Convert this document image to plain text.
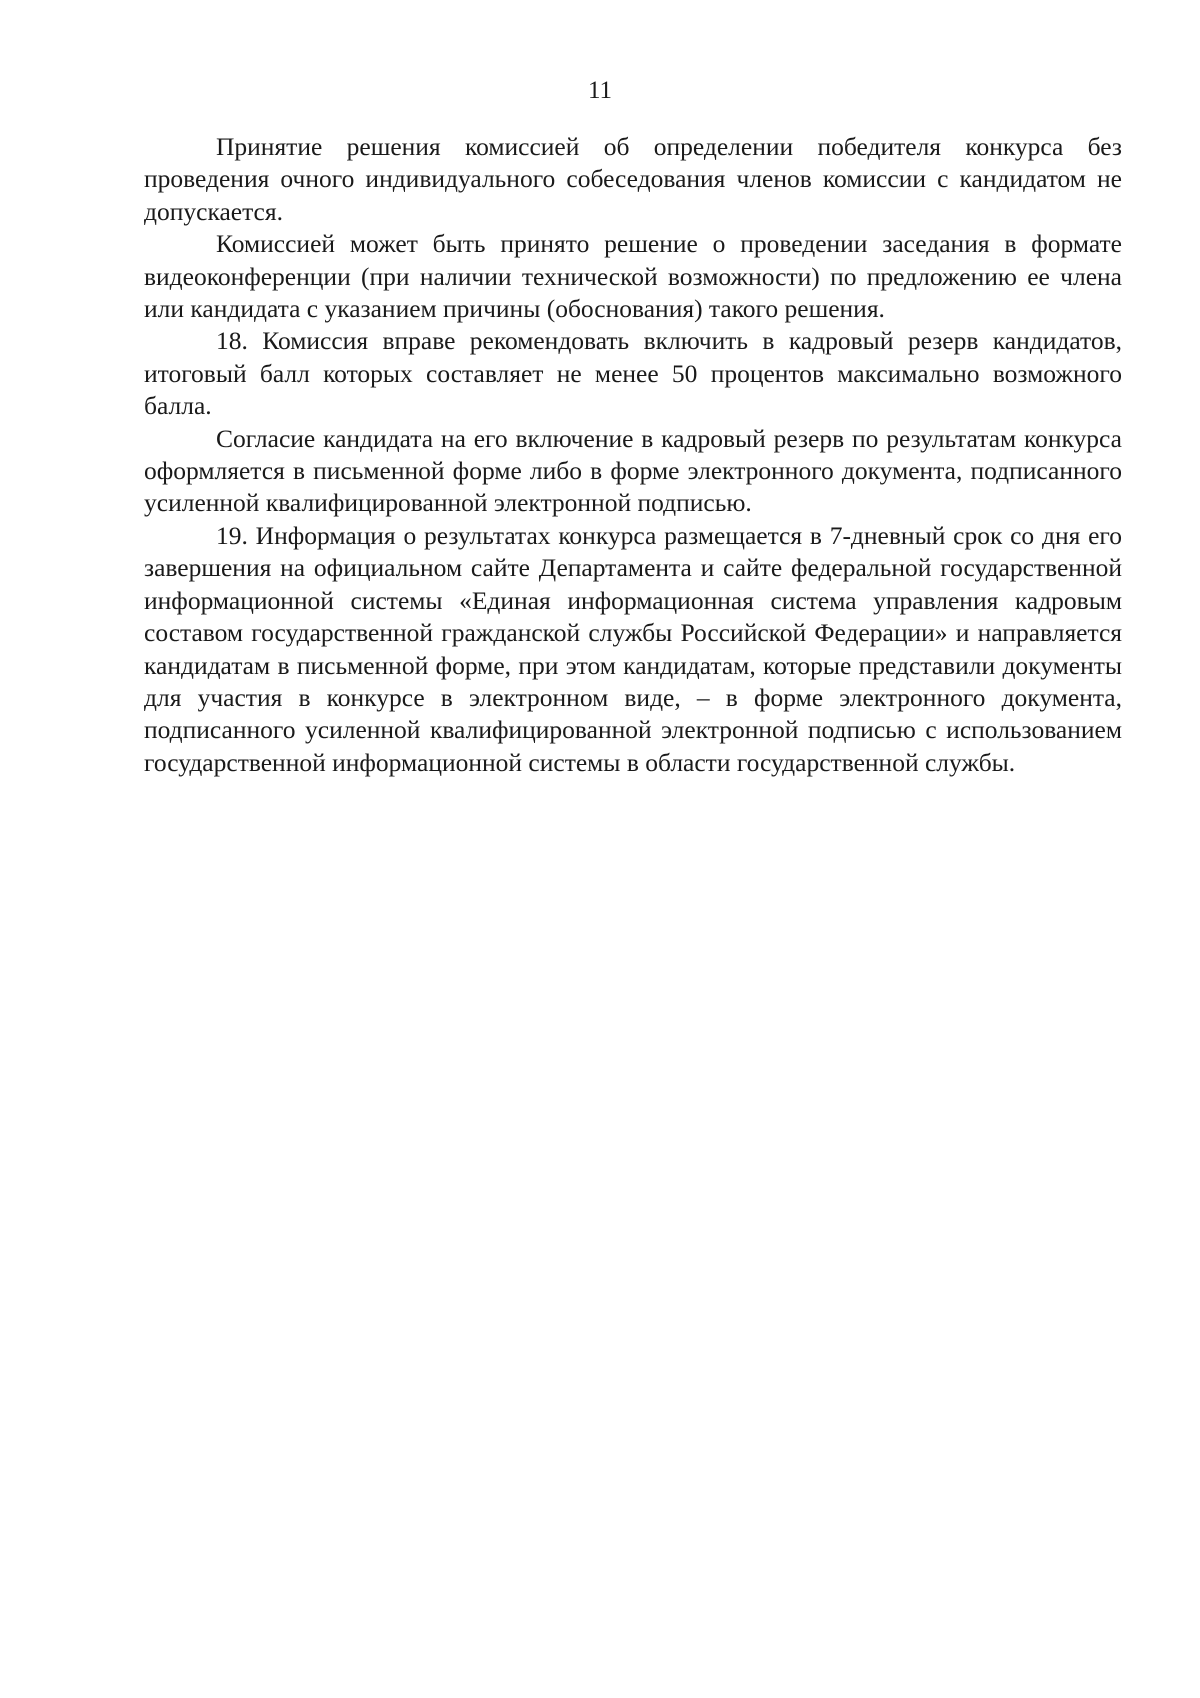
11

Принятие решения комиссией об определении победителя конкурса без проведения очного индивидуального собеседования членов комиссии с кандидатом не допускается.

Комиссией может быть принято решение о проведении заседания в формате видеоконференции (при наличии технической возможности) по предложению ее члена или кандидата с указанием причины (обоснования) такого решения.

18. Комиссия вправе рекомендовать включить в кадровый резерв кандидатов, итоговый балл которых составляет не менее 50 процентов максимально возможного балла.

Согласие кандидата на его включение в кадровый резерв по результатам конкурса оформляется в письменной форме либо в форме электронного документа, подписанного усиленной квалифицированной электронной подписью.

19. Информация о результатах конкурса размещается в 7-дневный срок со дня его завершения на официальном сайте Департамента и сайте федеральной государственной информационной системы «Единая информационная система управления кадровым составом государственной гражданской службы Российской Федерации» и направляется кандидатам в письменной форме, при этом кандидатам, которые представили документы для участия в конкурсе в электронном виде, – в форме электронного документа, подписанного усиленной квалифицированной электронной подписью с использованием государственной информационной системы в области государственной службы.
